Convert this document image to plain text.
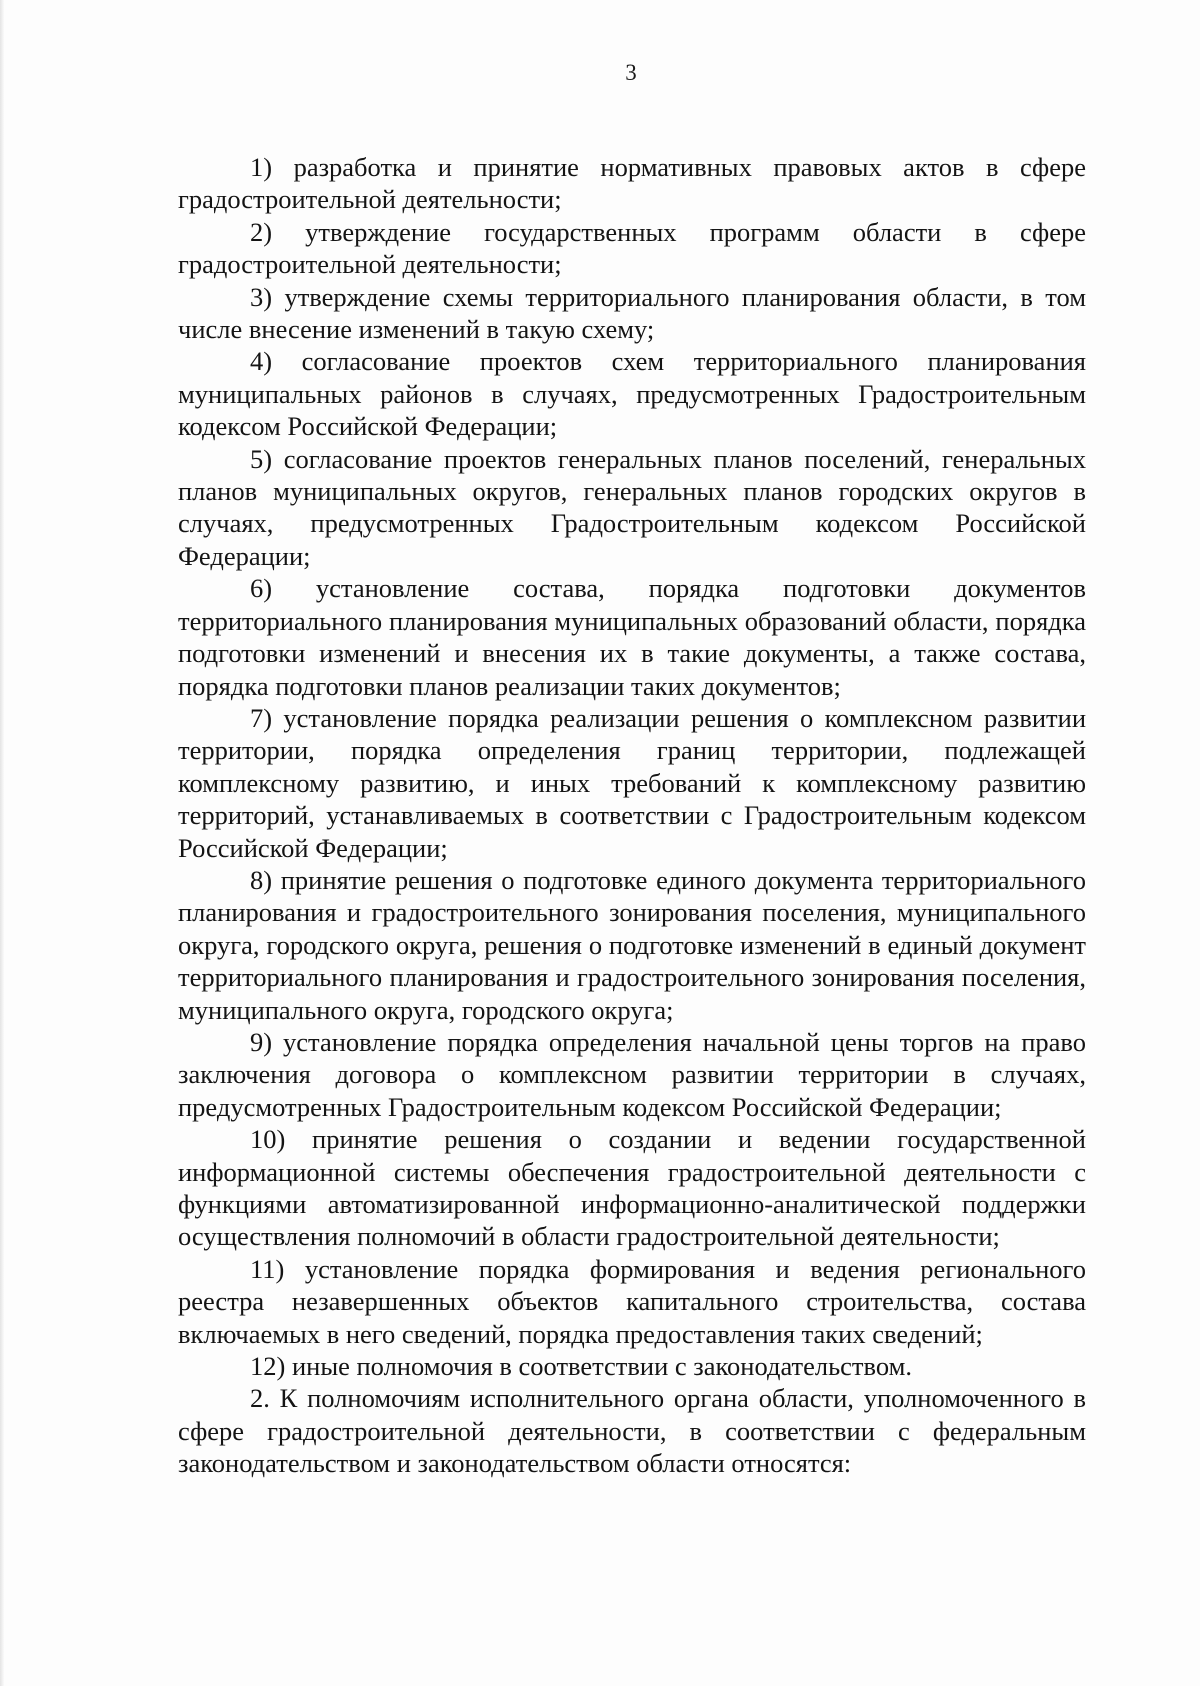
3

1) разработка и принятие нормативных правовых актов в сфере градостроительной деятельности;

2) утверждение государственных программ области в сфере градостроительной деятельности;

3) утверждение схемы территориального планирования области, в том числе внесение изменений в такую схему;

4) согласование проектов схем территориального планирования муниципальных районов в случаях, предусмотренных Градостроительным кодексом Российской Федерации;

5) согласование проектов генеральных планов поселений, генеральных планов муниципальных округов, генеральных планов городских округов в случаях, предусмотренных Градостроительным кодексом Российской Федерации;

6) установление состава, порядка подготовки документов территориального планирования муниципальных образований области, порядка подготовки изменений и внесения их в такие документы, а также состава, порядка подготовки планов реализации таких документов;

7) установление порядка реализации решения о комплексном развитии территории, порядка определения границ территории, подлежащей комплексному развитию, и иных требований к комплексному развитию территорий, устанавливаемых в соответствии с Градостроительным кодексом Российской Федерации;

8) принятие решения о подготовке единого документа территориального планирования и градостроительного зонирования поселения, муниципального округа, городского округа, решения о подготовке изменений в единый документ территориального планирования и градостроительного зонирования поселения, муниципального округа, городского округа;

9) установление порядка определения начальной цены торгов на право заключения договора о комплексном развитии территории в случаях, предусмотренных Градостроительным кодексом Российской Федерации;

10) принятие решения о создании и ведении государственной информационной системы обеспечения градостроительной деятельности с функциями автоматизированной информационно-аналитической поддержки осуществления полномочий в области градостроительной деятельности;

11) установление порядка формирования и ведения регионального реестра незавершенных объектов капитального строительства, состава включаемых в него сведений, порядка предоставления таких сведений;

12) иные полномочия в соответствии с законодательством.

2. К полномочиям исполнительного органа области, уполномоченного в сфере градостроительной деятельности, в соответствии с федеральным законодательством и законодательством области относятся:
